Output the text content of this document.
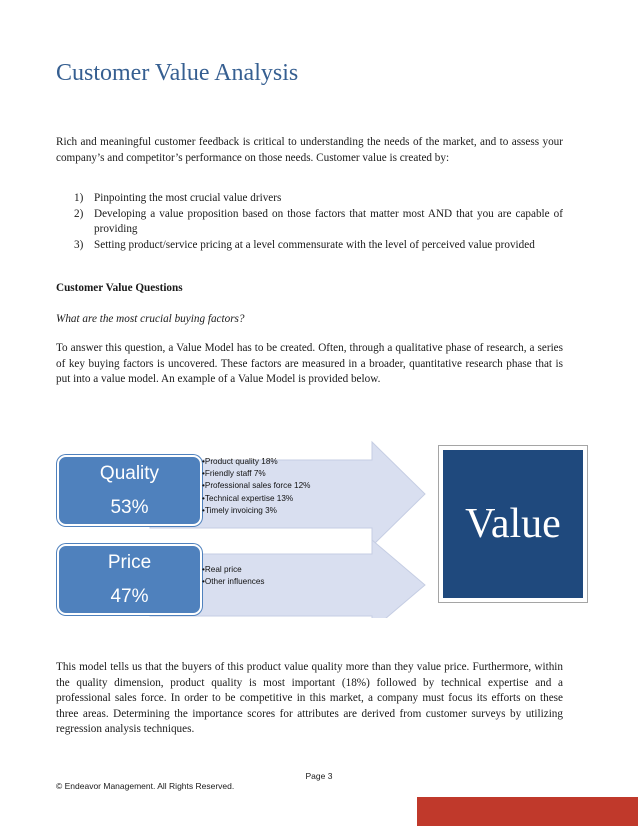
Customer Value Analysis

Rich and meaningful customer feedback is critical to understanding the needs of the market, and to assess your company’s and competitor’s performance on those needs. Customer value is created by:

1) Pinpointing the most crucial value drivers
2) Developing a value proposition based on those factors that matter most AND that you are capable of providing
3) Setting product/service pricing at a level commensurate with the level of perceived value provided

Customer Value Questions

What are the most crucial buying factors?

To answer this question, a Value Model has to be created. Often, through a qualitative phase of research, a series of key buying factors is uncovered. These factors are measured in a broader, quantitative research phase that is put into a value model. An example of a Value Model is provided below.

Quality
53%
•Product quality 18%
•Friendly staff 7%
•Professional sales force 12%
•Technical expertise 13%
•Timely invoicing 3%
Price
47%
•Real price
•Other influences
Value

This model tells us that the buyers of this product value quality more than they value price. Furthermore, within the quality dimension, product quality is most important (18%) followed by technical expertise and a professional sales force. In order to be competitive in this market, a company must focus its efforts on these three areas. Determining the importance scores for attributes are derived from customer surveys by utilizing regression analysis techniques.

Page 3
© Endeavor Management. All Rights Reserved.
